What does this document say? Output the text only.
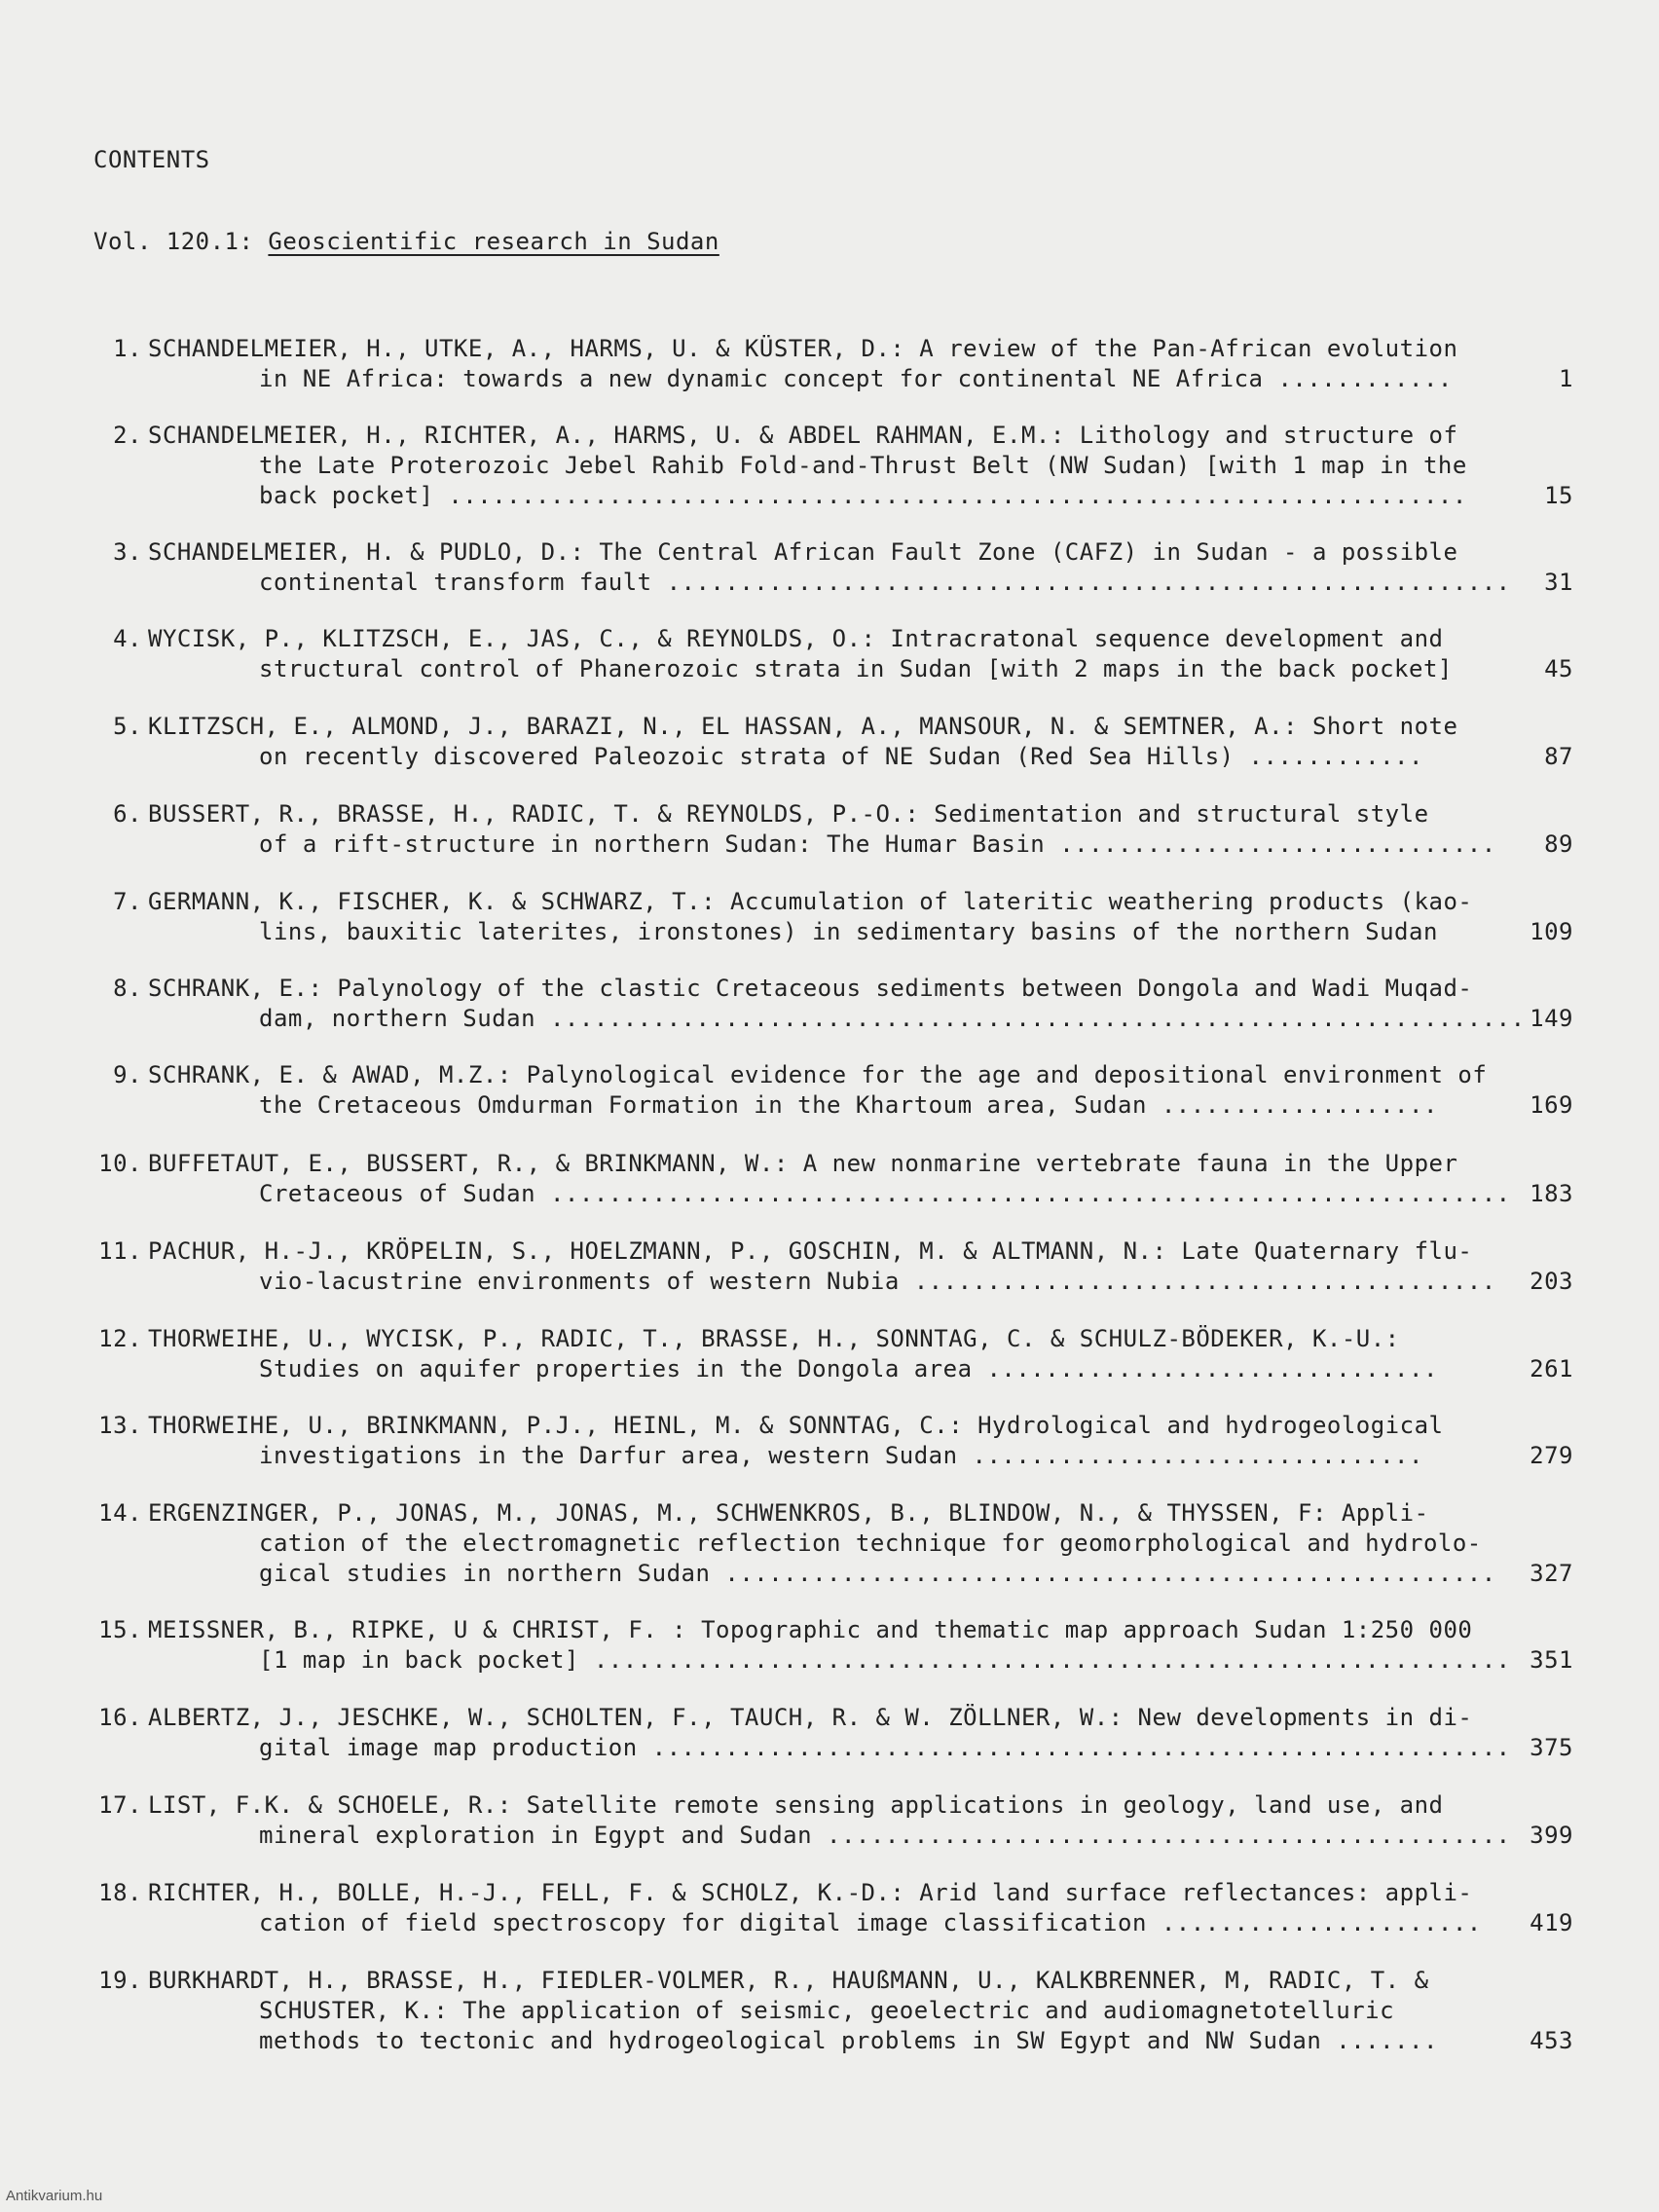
CONTENTS
Vol. 120.1: Geoscientific research in Sudan
1. SCHANDELMEIER, H., UTKE, A., HARMS, U. & KÜSTER, D.: A review of the Pan-African evolution
in NE Africa: towards a new dynamic concept for continental NE Africa ............	1
2. SCHANDELMEIER, H., RICHTER, A., HARMS, U. & ABDEL RAHMAN, E.M.: Lithology and structure of
the Late Proterozoic Jebel Rahib Fold-and-Thrust Belt (NW Sudan) [with 1 map in the
back pocket] ......................................................................	15
3. SCHANDELMEIER, H. & PUDLO, D.: The Central African Fault Zone (CAFZ) in Sudan - a possible
continental transform fault ..........................................................	31
4. WYCISK, P., KLITZSCH, E., JAS, C., & REYNOLDS, O.: Intracratonal sequence development and
structural control of Phanerozoic strata in Sudan [with 2 maps in the back pocket]	45
5. KLITZSCH, E., ALMOND, J., BARAZI, N., EL HASSAN, A., MANSOUR, N. & SEMTNER, A.: Short note
on recently discovered Paleozoic strata of NE Sudan (Red Sea Hills) ............	87
6. BUSSERT, R., BRASSE, H., RADIC, T. & REYNOLDS, P.-O.: Sedimentation and structural style
of a rift-structure in northern Sudan: The Humar Basin ..............................	89
7. GERMANN, K., FISCHER, K. & SCHWARZ, T.: Accumulation of lateritic weathering products (kao-
lins, bauxitic laterites, ironstones) in sedimentary basins of the northern Sudan	109
8. SCHRANK, E.: Palynology of the clastic Cretaceous sediments between Dongola and Wadi Muqad-
dam, northern Sudan ................................................................... 149
9. SCHRANK, E. & AWAD, M.Z.: Palynological evidence for the age and depositional environment of
the Cretaceous Omdurman Formation in the Khartoum area, Sudan ...................	169
10. BUFFETAUT, E., BUSSERT, R., & BRINKMANN, W.: A new nonmarine vertebrate fauna in the Upper
Cretaceous of Sudan .................................................................. 183
11. PACHUR, H.-J., KRÖPELIN, S., HOELZMANN, P., GOSCHIN, M. & ALTMANN, N.: Late Quaternary flu-
vio-lacustrine environments of western Nubia ........................................	203
12. THORWEIHE, U., WYCISK, P., RADIC, T., BRASSE, H., SONNTAG, C. & SCHULZ-BÖDEKER, K.-U.:
Studies on aquifer properties in the Dongola area ...............................	261
13. THORWEIHE, U., BRINKMANN, P.J., HEINL, M. & SONNTAG, C.: Hydrological and hydrogeological
investigations in the Darfur area, western Sudan ...............................	279
14. ERGENZINGER, P., JONAS, M., JONAS, M., SCHWENKROS, B., BLINDOW, N., & THYSSEN, F: Appli-
cation of the electromagnetic reflection technique for geomorphological and hydrolo-
gical studies in northern Sudan .....................................................	327
15. MEISSNER, B., RIPKE, U & CHRIST, F. : Topographic and thematic map approach Sudan 1:250 000
[1 map in back pocket] ............................................................... 351
16. ALBERTZ, J., JESCHKE, W., SCHOLTEN, F., TAUCH, R. & W. ZÖLLNER, W.: New developments in di-
gital image map production ........................................................... 375
17. LIST, F.K. & SCHOELE, R.: Satellite remote sensing applications in geology, land use, and
mineral exploration in Egypt and Sudan ............................................... 399
18. RICHTER, H., BOLLE, H.-J., FELL, F. & SCHOLZ, K.-D.: Arid land surface reflectances: appli-
cation of field spectroscopy for digital image classification ......................	419
19. BURKHARDT, H., BRASSE, H., FIEDLER-VOLMER, R., HAUßMANN, U., KALKBRENNER, M, RADIC, T. &
SCHUSTER, K.: The application of seismic, geoelectric and audiomagnetotelluric
methods to tectonic and hydrogeological problems in SW Egypt and NW Sudan .......	453
Antikvarium.hu
